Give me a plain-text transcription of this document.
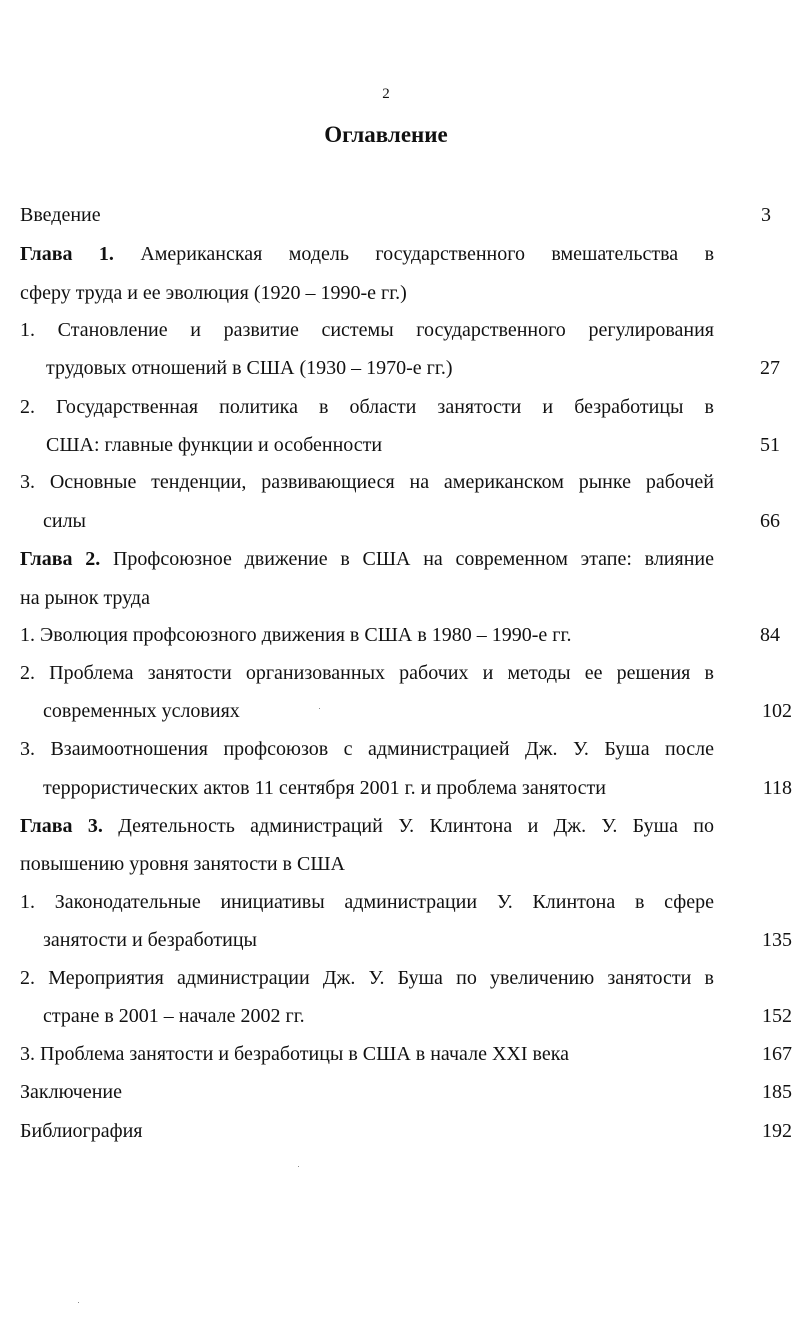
2
Оглавление
Введение	3
Глава 1. Американская модель государственного вмешательства в
сферу труда и ее эволюция (1920 – 1990-е гг.)
1. Становление и развитие системы государственного регулирования
трудовых отношений в США (1930 – 1970-е гг.)	27
2. Государственная политика в области занятости и безработицы в
США: главные функции и особенности	51
3. Основные тенденции, развивающиеся на американском рынке рабочей
силы	66
Глава 2. Профсоюзное движение в США на современном этапе: влияние
на рынок труда
1. Эволюция профсоюзного движения в США в 1980 – 1990-е гг.	84
2. Проблема занятости организованных рабочих и методы ее решения в
современных условиях	102
3. Взаимоотношения профсоюзов с администрацией Дж. У. Буша после
террористических актов 11 сентября 2001 г. и проблема занятости	118
Глава 3. Деятельность администраций У. Клинтона и Дж. У. Буша по
повышению уровня занятости в США
1. Законодательные инициативы администрации У. Клинтона в сфере
занятости и безработицы	135
2. Мероприятия администрации Дж. У. Буша по увеличению занятости в
стране в 2001 – начале 2002 гг.	152
3. Проблема занятости и безработицы в США в начале XXI века	167
Заключение	185
Библиография	192
